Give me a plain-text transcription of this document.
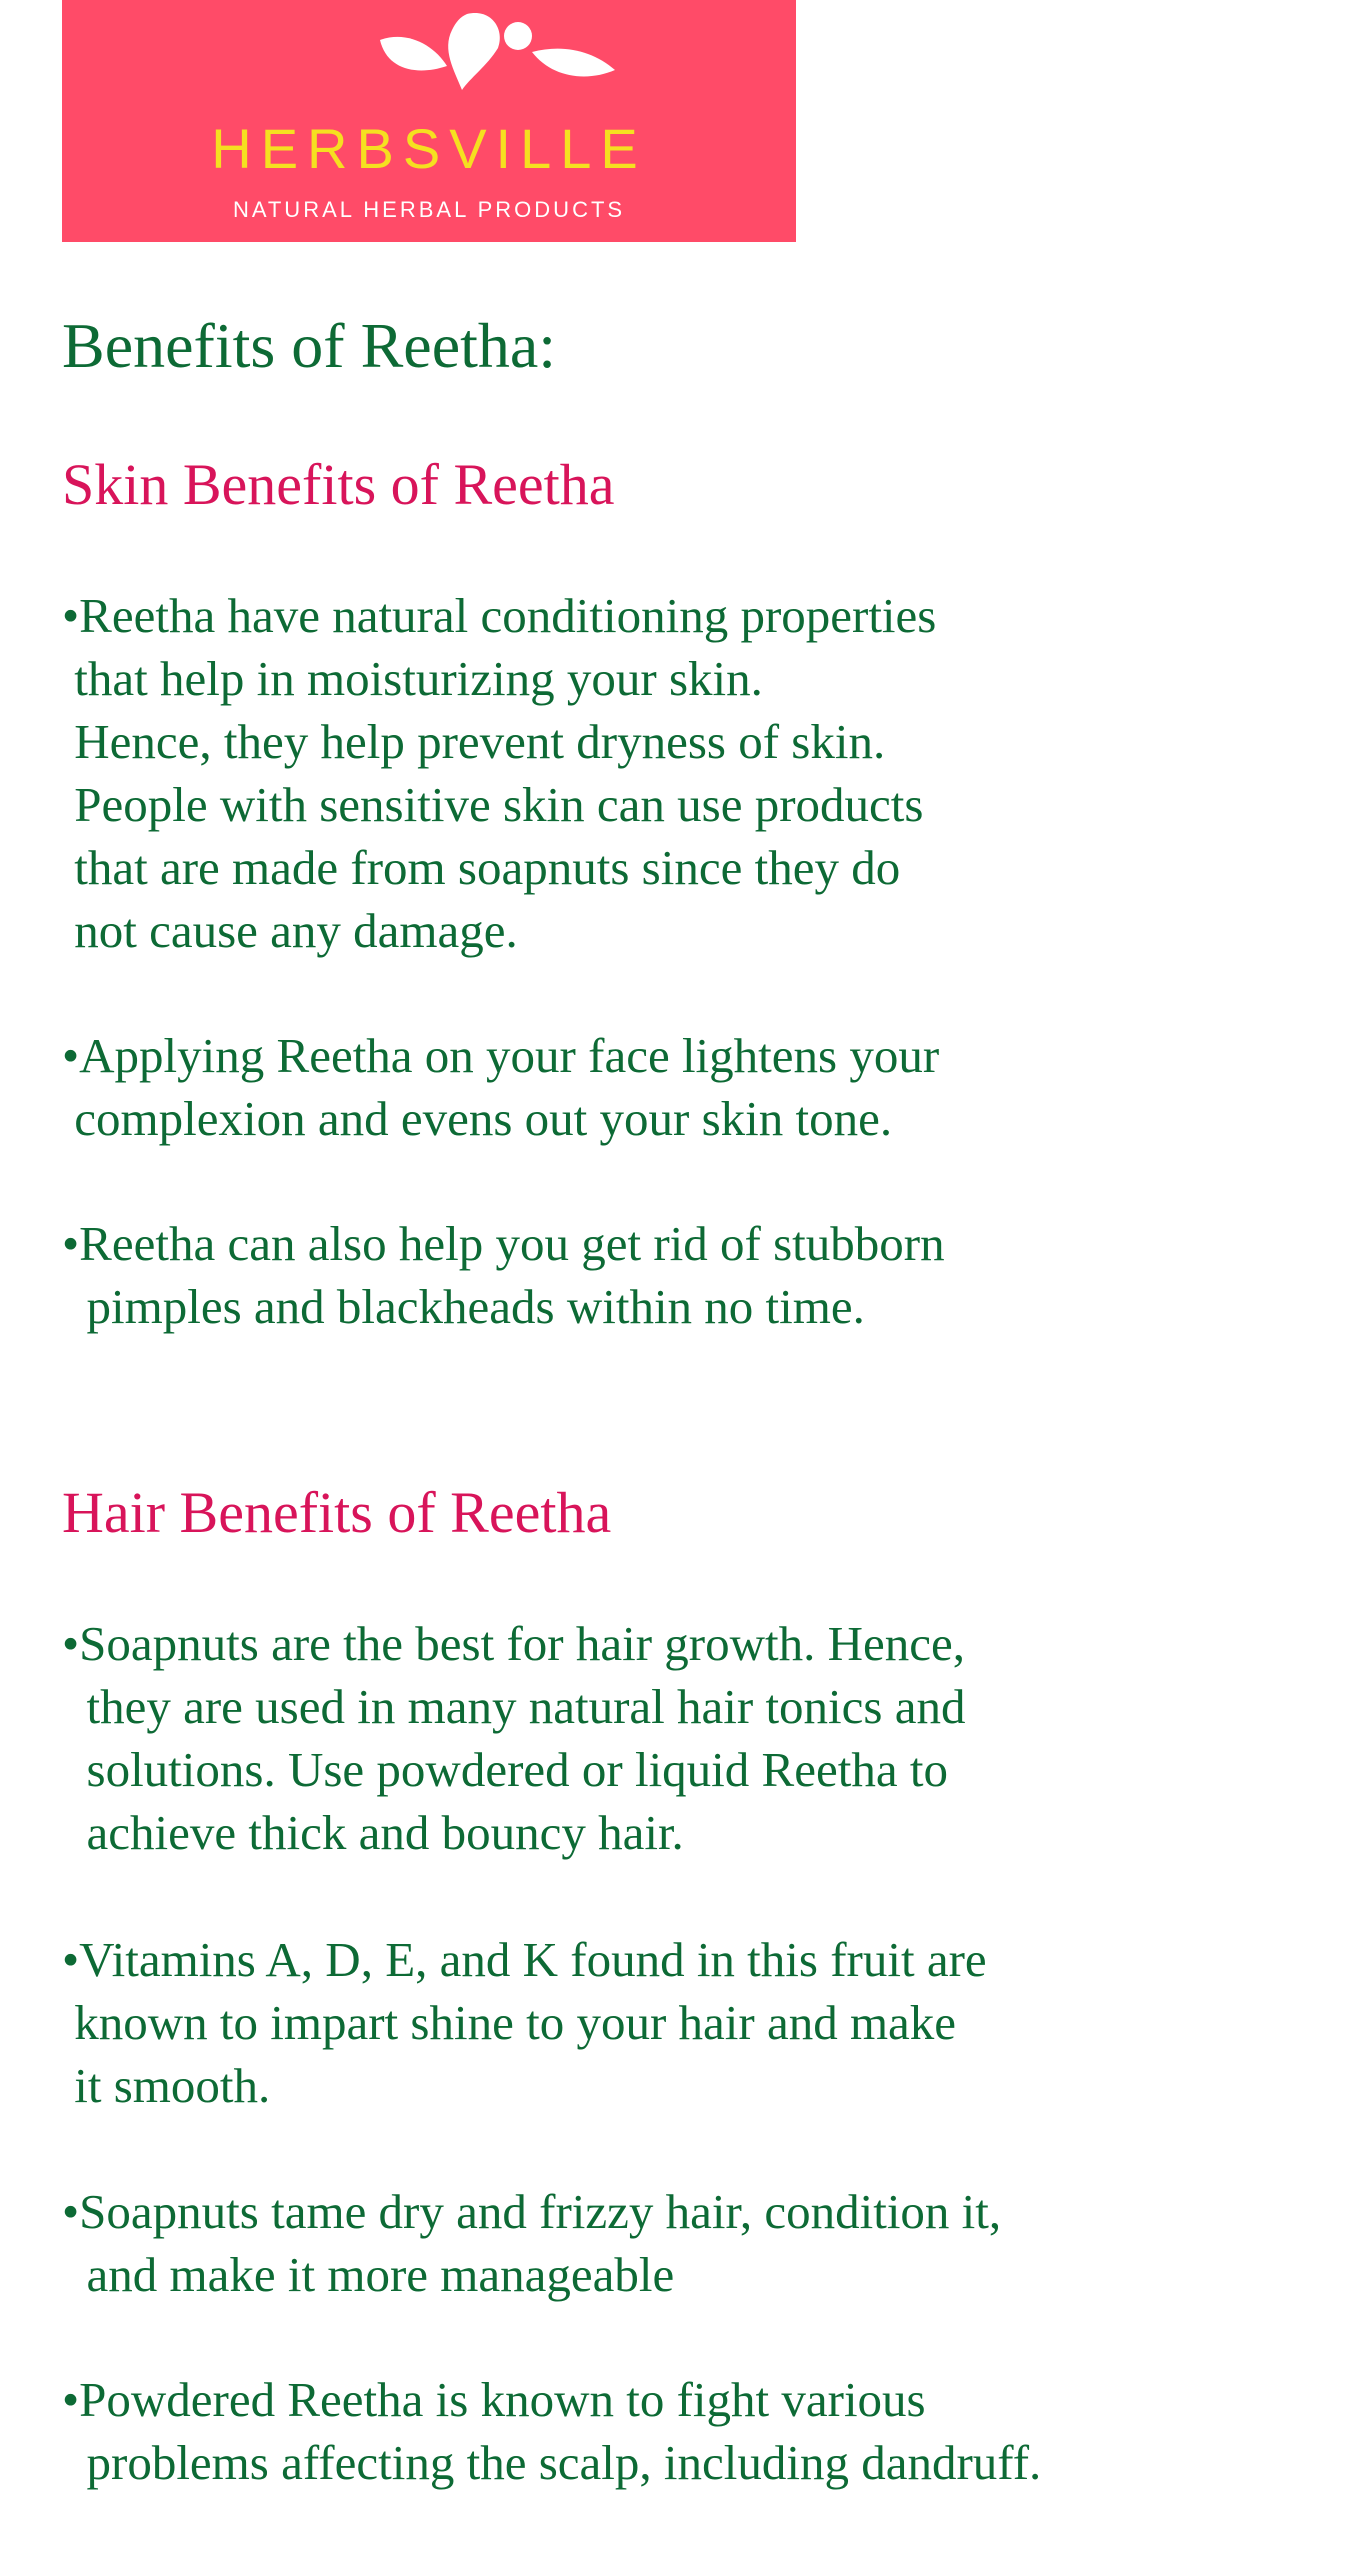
HERBSVILLE
NATURAL HERBAL PRODUCTS
Benefits of Reetha:
Skin Benefits of Reetha
•Reetha have natural conditioning properties
that help in moisturizing your skin.
Hence, they help prevent dryness of skin.
People with sensitive skin can use products
that are made from soapnuts since they do
not cause any damage.
•Applying Reetha on your face lightens your
complexion and evens out your skin tone.
•Reetha can also help you get rid of stubborn
pimples and blackheads within no time.
Hair Benefits of Reetha
•Soapnuts are the best for hair growth. Hence,
they are used in many natural hair tonics and
solutions. Use powdered or liquid Reetha to
achieve thick and bouncy hair.
•Vitamins A, D, E, and K found in this fruit are
known to impart shine to your hair and make
it smooth.
•Soapnuts tame dry and frizzy hair, condition it,
and make it more manageable
•Powdered Reetha is known to fight various
problems affecting the scalp, including dandruff.
